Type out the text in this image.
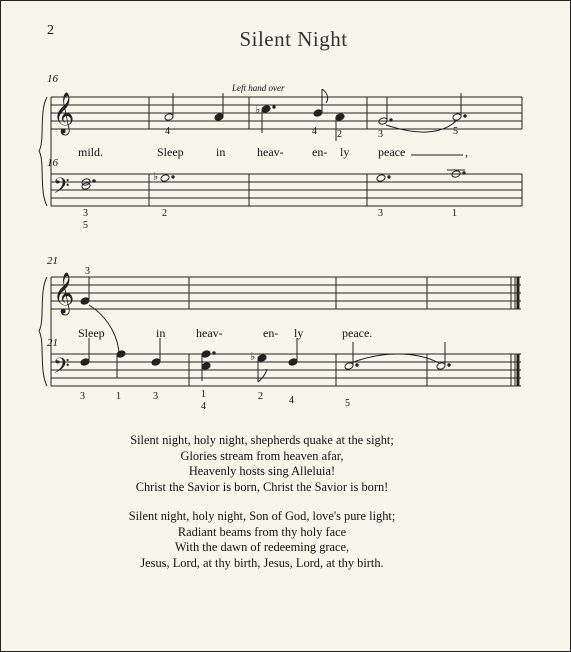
2	Silent Night
𝄞
𝄢
𝄞
𝄢
♭
♭
♭
16
16
Left hand over
mild.	Sleep	in	heav- en- ly peace	,
4	4 2	3	5
3
5
2	3	1
21
21
3
Sleep	in	heav-	en- ly	peace.
3	1	3	1
4
2	4	5
Silent night, holy night, shepherds quake at the sight;
Glories stream from heaven afar,
Heavenly hosts sing Alleluia!
Christ the Savior is born, Christ the Savior is born!
Silent night, holy night, Son of God, love's pure light;
Radiant beams from thy holy face
With the dawn of redeeming grace,
Jesus, Lord, at thy birth, Jesus, Lord, at thy birth.
